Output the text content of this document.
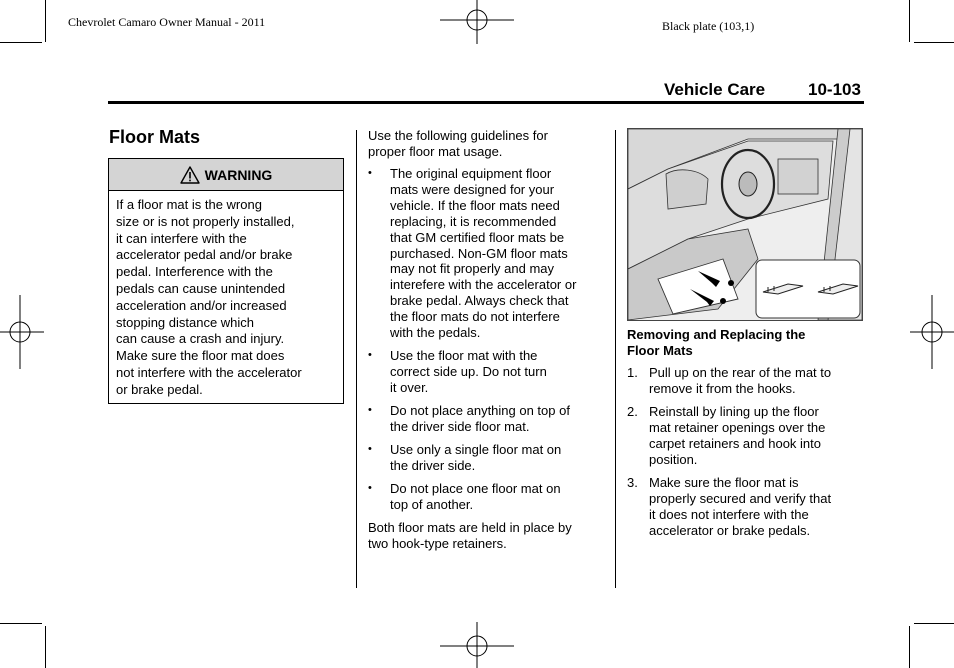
Chevrolet Camaro Owner Manual - 2011	Black plate (103,1)
Vehicle Care	10-103
Floor Mats
WARNING
If a floor mat is the wrong
size or is not properly installed,
it can interfere with the
accelerator pedal and/or brake
pedal. Interference with the
pedals can cause unintended
acceleration and/or increased
stopping distance which
can cause a crash and injury.
Make sure the floor mat does
not interfere with the accelerator
or brake pedal.
Use the following guidelines for
proper floor mat usage.
• The original equipment floor
mats were designed for your
vehicle. If the floor mats need
replacing, it is recommended
that GM certified floor mats be
purchased. Non-GM floor mats
may not fit properly and may
interefere with the accelerator or
brake pedal. Always check that
the floor mats do not interfere
with the pedals.
• Use the floor mat with the
correct side up. Do not turn
it over.
• Do not place anything on top of
the driver side floor mat.
• Use only a single floor mat on
the driver side.
• Do not place one floor mat on
top of another.
Both floor mats are held in place by
two hook-type retainers.
Removing and Replacing the
Floor Mats
1. Pull up on the rear of the mat to
remove it from the hooks.
2. Reinstall by lining up the floor
mat retainer openings over the
carpet retainers and hook into
position.
3. Make sure the floor mat is
properly secured and verify that
it does not interfere with the
accelerator or brake pedals.
